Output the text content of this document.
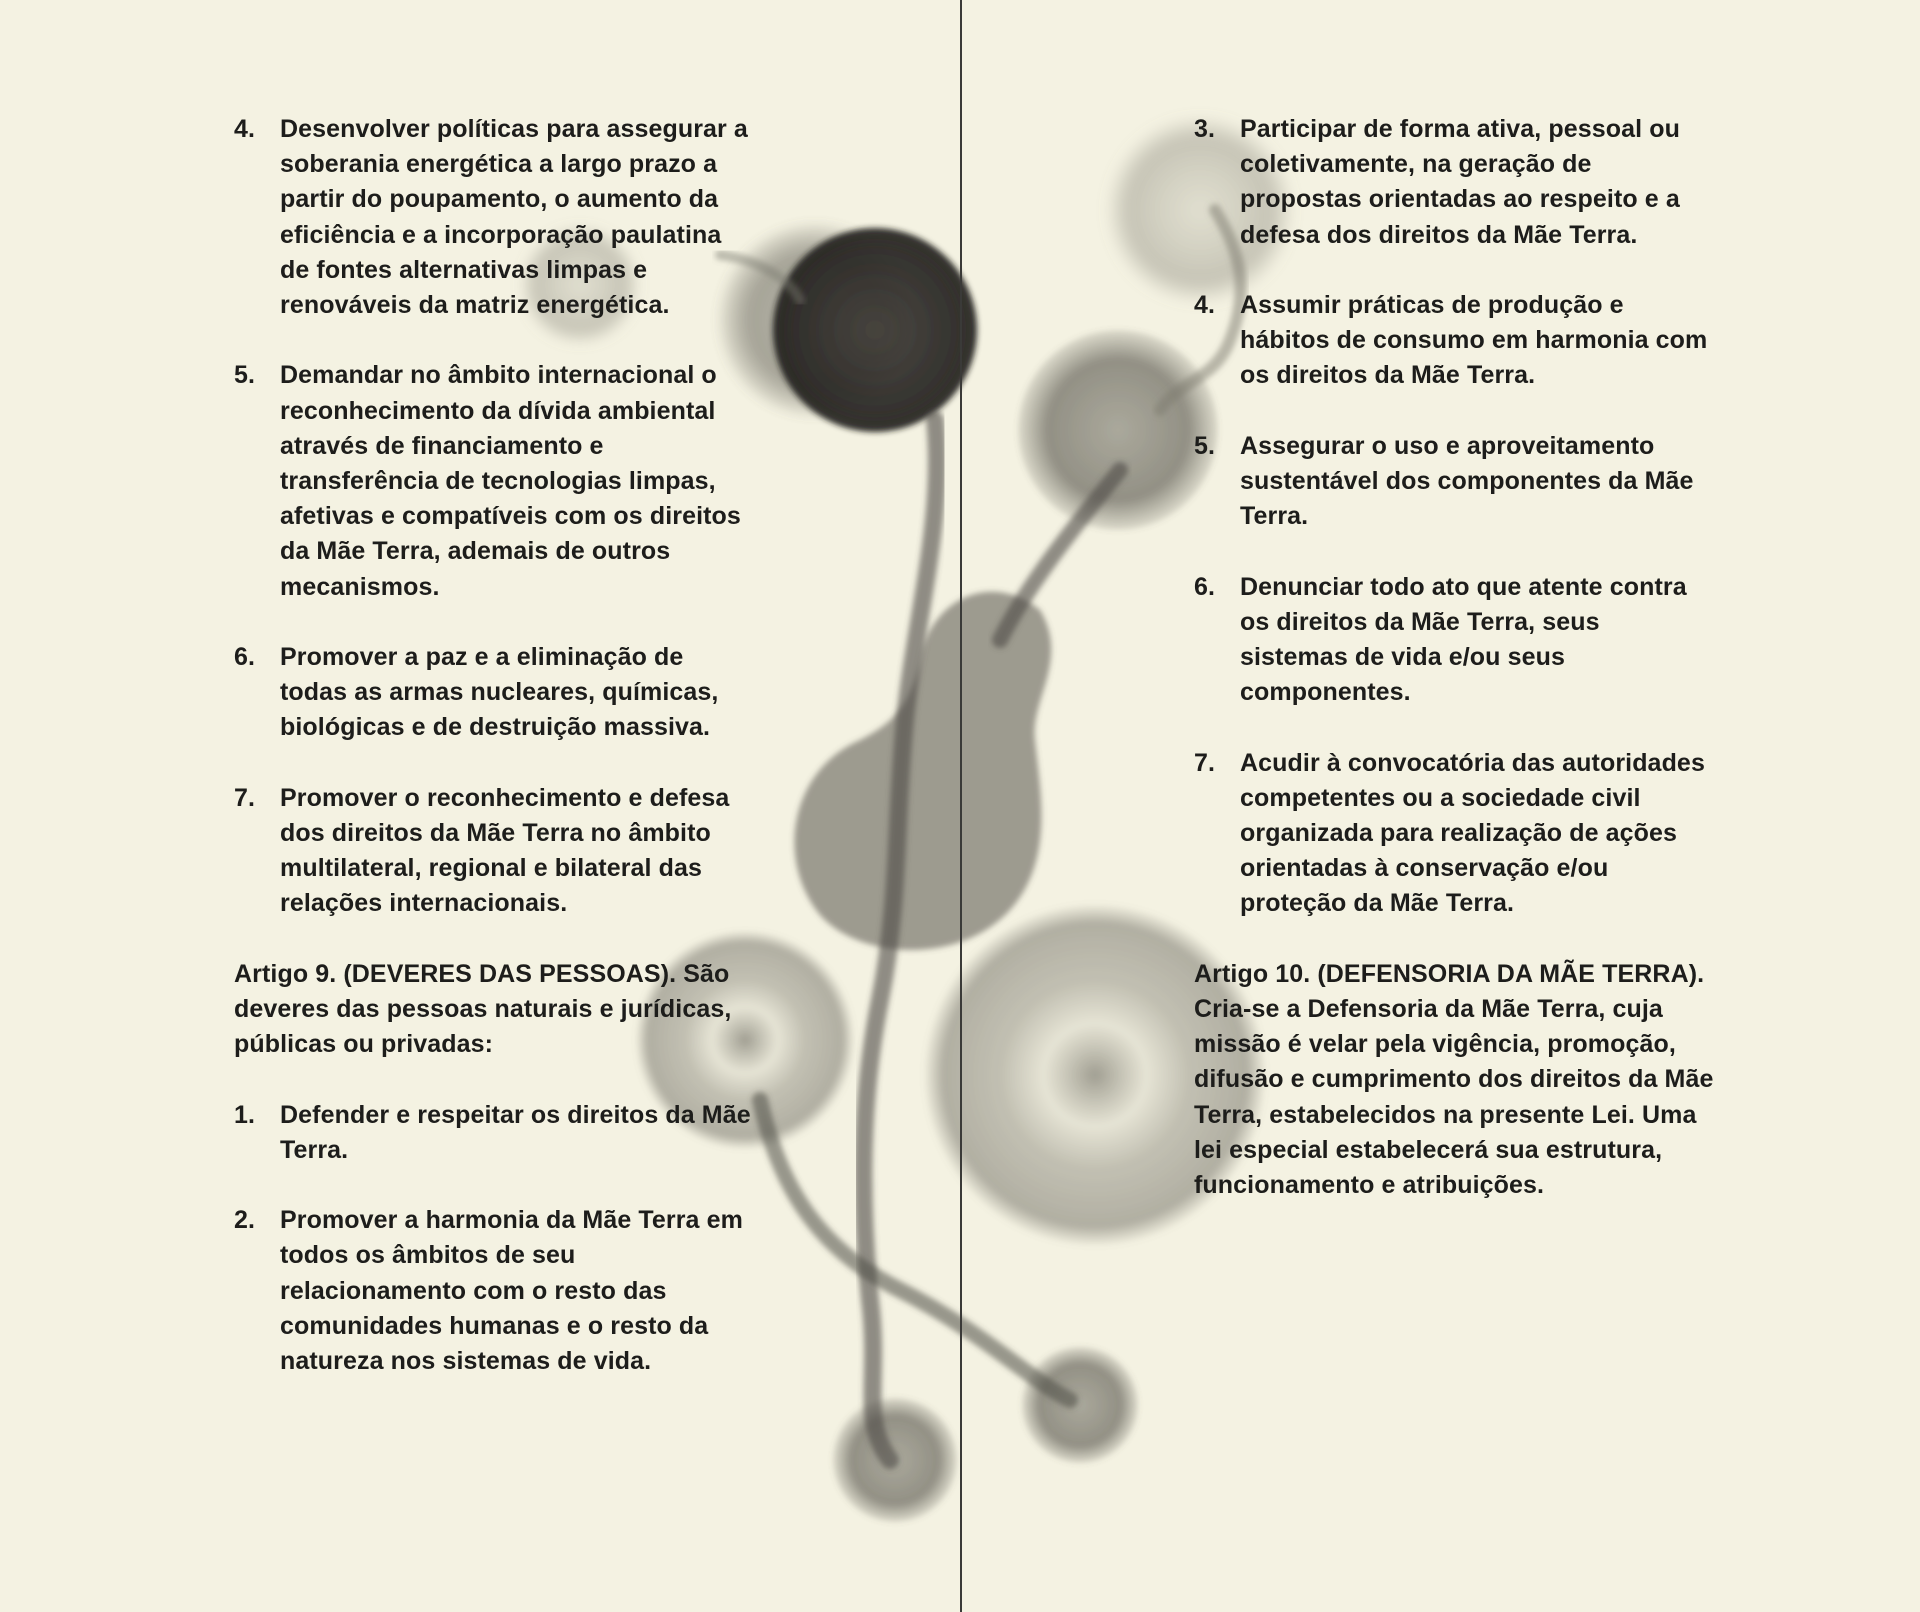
4. Desenvolver políticas para assegurar a soberania energética a largo prazo a partir do poupamento, o aumento da eficiência e a incorporação paulatina de fontes alternativas limpas e renováveis da matriz energética.
5. Demandar no âmbito internacional o reconhecimento da dívida ambiental através de financiamento e transferência de tecnologias limpas, afetivas e compatíveis com os direitos da Mãe Terra, ademais de outros mecanismos.
6. Promover a paz e a eliminação de todas as armas nucleares, químicas, biológicas e de destruição massiva.
7. Promover o reconhecimento e defesa dos direitos da Mãe Terra no âmbito multilateral, regional e bilateral das relações internacionais.
Artigo 9. (DEVERES DAS PESSOAS). São deveres das pessoas naturais e jurídicas, públicas ou privadas:
1. Defender e respeitar os direitos da Mãe Terra.
2. Promover a harmonia da Mãe Terra em todos os âmbitos de seu relacionamento com o resto das comunidades humanas e o resto da natureza nos sistemas de vida.
3. Participar de forma ativa, pessoal ou coletivamente, na geração de propostas orientadas ao respeito e a defesa dos direitos da Mãe Terra.
4. Assumir práticas de produção e hábitos de consumo em harmonia com os direitos da Mãe Terra.
5. Assegurar o uso e aproveitamento sustentável dos componentes da Mãe Terra.
6. Denunciar todo ato que atente contra os direitos da Mãe Terra, seus sistemas de vida e/ou seus componentes.
7. Acudir à convocatória das autoridades competentes ou a sociedade civil organizada para realização de ações orientadas à conservação e/ou proteção da Mãe Terra.
Artigo 10. (DEFENSORIA DA MÃE TERRA). Cria-se a Defensoria da Mãe Terra, cuja missão é velar pela vigência, promoção, difusão e cumprimento dos direitos da Mãe Terra, estabelecidos na presente Lei. Uma lei especial estabelecerá sua estrutura, funcionamento e atribuições.
